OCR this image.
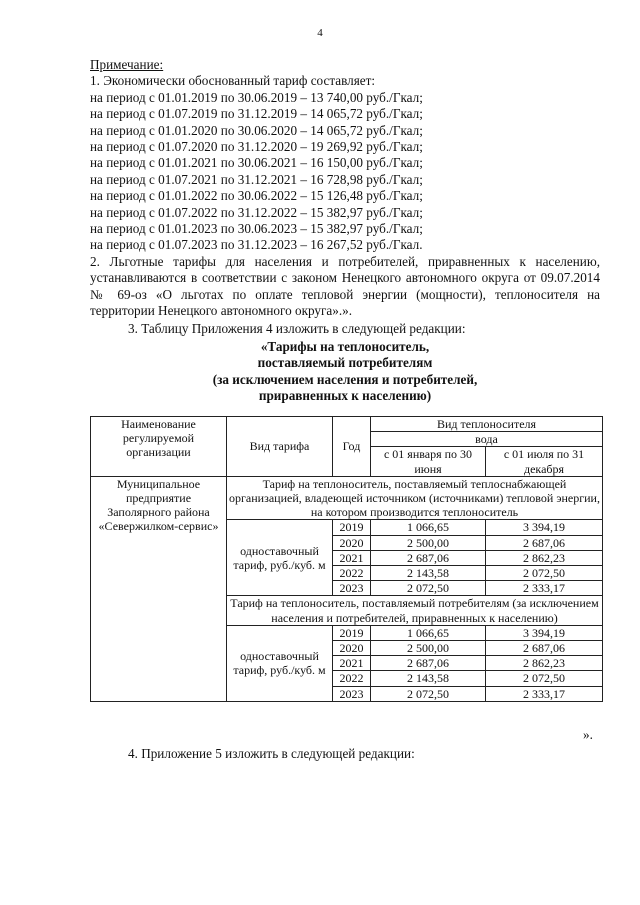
4

Примечание:

1. Экономически обоснованный тариф составляет:

на период с 01.01.2019 по 30.06.2019 – 13 740,00 руб./Гкал;

на период с 01.07.2019 по 31.12.2019 – 14 065,72 руб./Гкал;

на период с 01.01.2020 по 30.06.2020 – 14 065,72 руб./Гкал;

на период с 01.07.2020 по 31.12.2020 – 19 269,92 руб./Гкал;

на период с 01.01.2021 по 30.06.2021 – 16 150,00 руб./Гкал;

на период с 01.07.2021 по 31.12.2021 – 16 728,98 руб./Гкал;

на период с 01.01.2022 по 30.06.2022 – 15 126,48 руб./Гкал;

на период с 01.07.2022 по 31.12.2022 – 15 382,97 руб./Гкал;

на период с 01.01.2023 по 30.06.2023 – 15 382,97 руб./Гкал;

на период с 01.07.2023 по 31.12.2023 – 16 267,52 руб./Гкал.

2. Льготные тарифы для населения и потребителей, приравненных к населению, устанавливаются в соответствии с законом Ненецкого автономного округа от 09.07.2014 № 69-оз «О льготах по оплате тепловой энергии (мощности), теплоносителя на территории Ненецкого автономного округа».».

3. Таблицу Приложения 4 изложить в следующей редакции:

«Тарифы на теплоноситель,
поставляемый потребителям
(за исключением населения и потребителей,
приравненных к населению)
Наименование регулируемой организации	Вид тарифа	Год	Вид теплоносителя	
			вода	
			с 01 января по 30 июня	с 01 июля по 31 декабря
Муниципальное предприятие Заполярного района «Севержилком-сервис»	Тариф на теплоноситель, поставляемый теплоснабжающей организацией, владеющей источником (источниками) тепловой энергии, на котором производится теплоноситель			
	одноставочный тариф, руб./куб. м	2019	1 066,65	3 394,19
		2020	2 500,00	2 687,06
		2021	2 687,06	2 862,23
		2022	2 143,58	2 072,50
		2023	2 072,50	2 333,17
	Тариф на теплоноситель, поставляемый потребителям (за исключением населения и потребителей, приравненных к населению)			
	одноставочный тариф, руб./куб. м	2019	1 066,65	3 394,19
		2020	2 500,00	2 687,06
		2021	2 687,06	2 862,23
		2022	2 143,58	2 072,50
		2023	2 072,50	2 333,17
».
4. Приложение 5 изложить в следующей редакции:
